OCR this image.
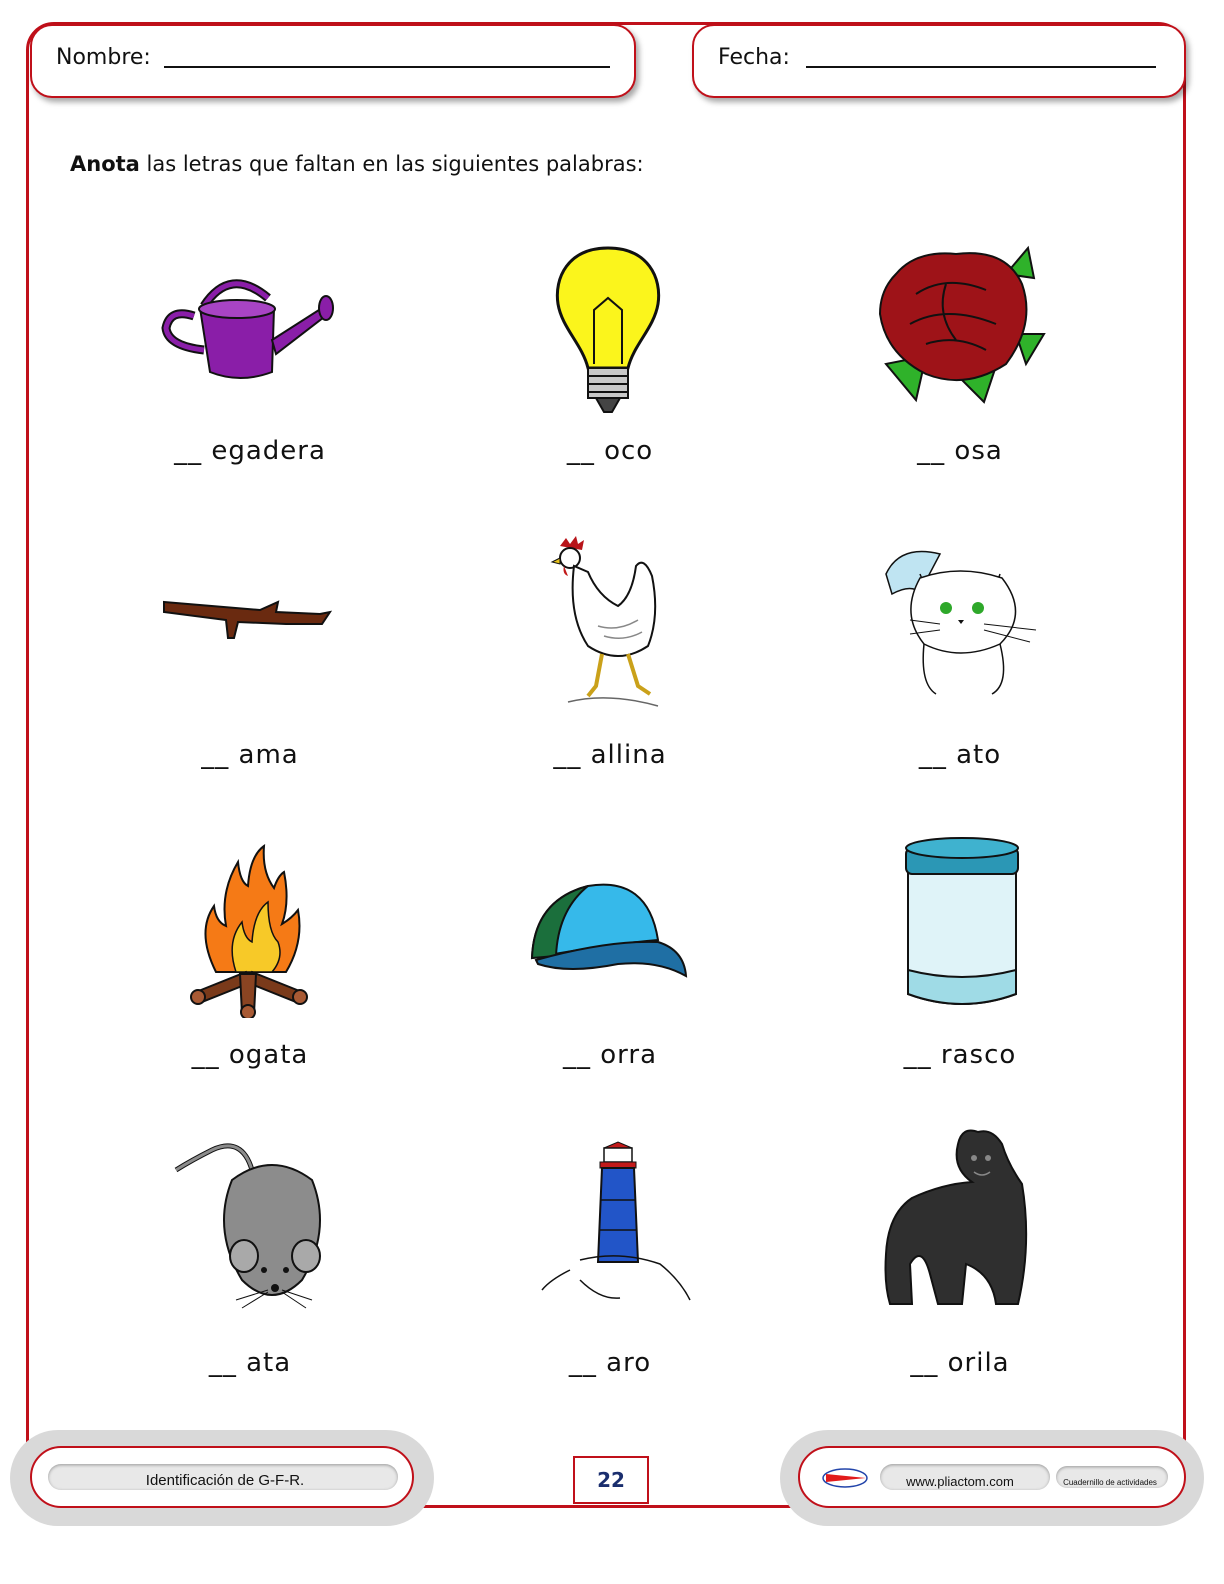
Nombre:	Fecha:
Anota las letras que faltan en las siguientes palabras:
__ egadera	__ oco	__ osa
__ ama	__ allina	__ ato
__ ogata	__ orra	__ rasco
__ ata	__ aro	__ orila
Identificación de G-F-R.	22	www.pliactom.com	Cuadernillo de actividades
